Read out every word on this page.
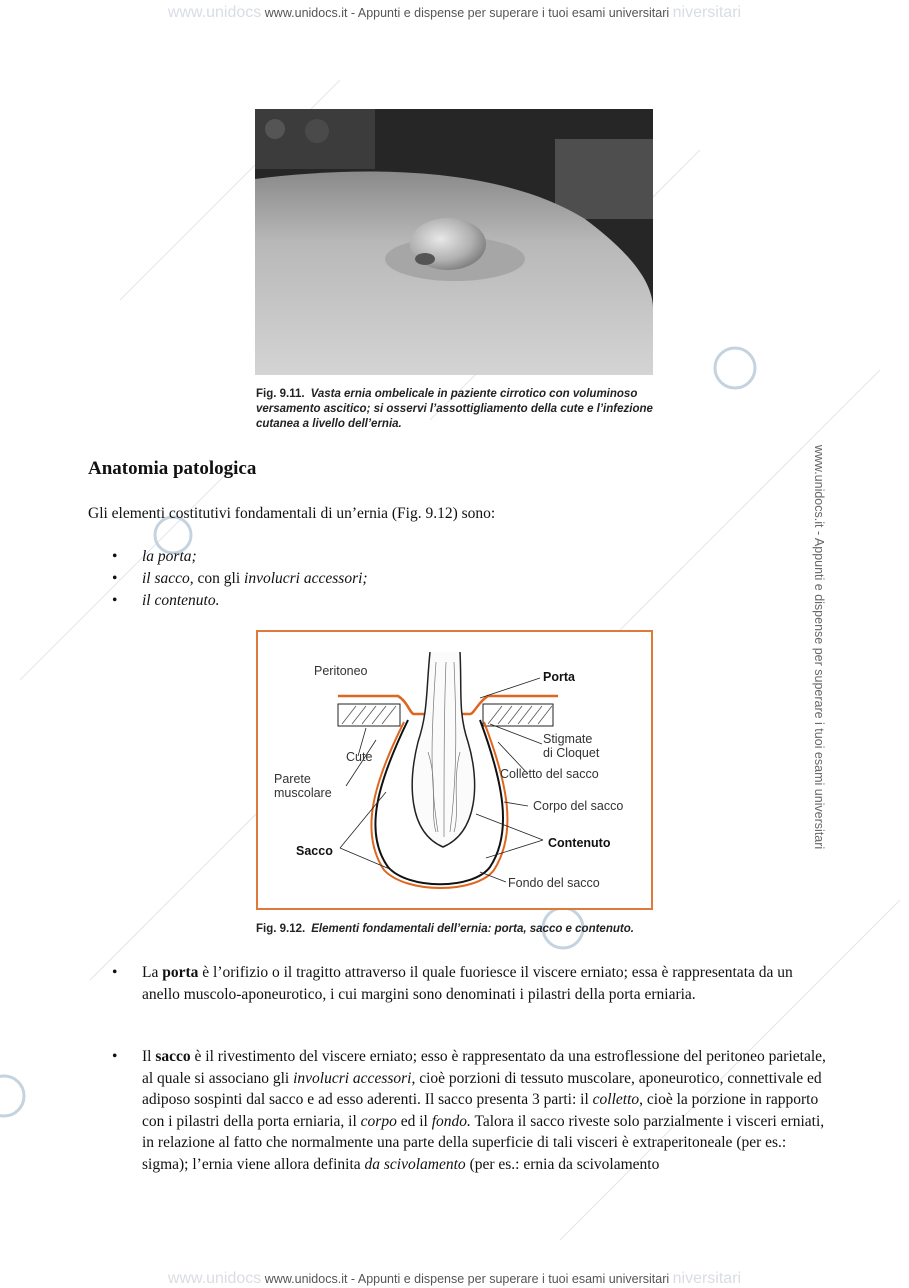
www.unidocs www.unidocs.it - Appunti e dispense per superare i tuoi esami universitari niversitari
www.unidocs www.unidocs.it - Appunti e dispense per superare i tuoi esami universitari niversitari
www.unidocs.it - Appunti e dispense per superare i tuoi esami universitari
Fig. 9.11. Vasta ernia ombelicale in paziente cirrotico con voluminoso versamento ascitico; si osservi l’assottigliamento della cute e l’infezione cutanea a livello dell’ernia.
Anatomia patologica
Gli elementi costitutivi fondamentali di un’ernia (Fig. 9.12) sono:
• la porta;
• il sacco, con gli involucri accessori;
• il contenuto.
Peritoneo	Porta
Stigmate
di Cloquet
Cute
Colletto del sacco
Parete
muscolare
Corpo del sacco
Contenuto
Sacco
Fondo del sacco
Fig. 9.12. Elementi fondamentali dell’ernia: porta, sacco e contenuto.
• La porta è l’orifizio o il tragitto attraverso il quale fuoriesce il viscere erniato; essa è rappresentata da un anello muscolo-aponeurotico, i cui margini sono denominati i pilastri della porta erniaria.
• Il sacco è il rivestimento del viscere erniato; esso è rappresentato da una estroflessione del peritoneo parietale, al quale si associano gli involucri accessori, cioè porzioni di tessuto muscolare, aponeurotico, connettivale ed adiposo sospinti dal sacco e ad esso aderenti. Il sacco presenta 3 parti: il colletto, cioè la porzione in rapporto con i pilastri della porta erniaria, il corpo ed il fondo. Talora il sacco riveste solo parzialmente i visceri erniati, in relazione al fatto che normalmente una parte della superficie di tali visceri è extraperitoneale (per es.: sigma); l’ernia viene allora definita da scivolamento (per es.: ernia da scivolamento
